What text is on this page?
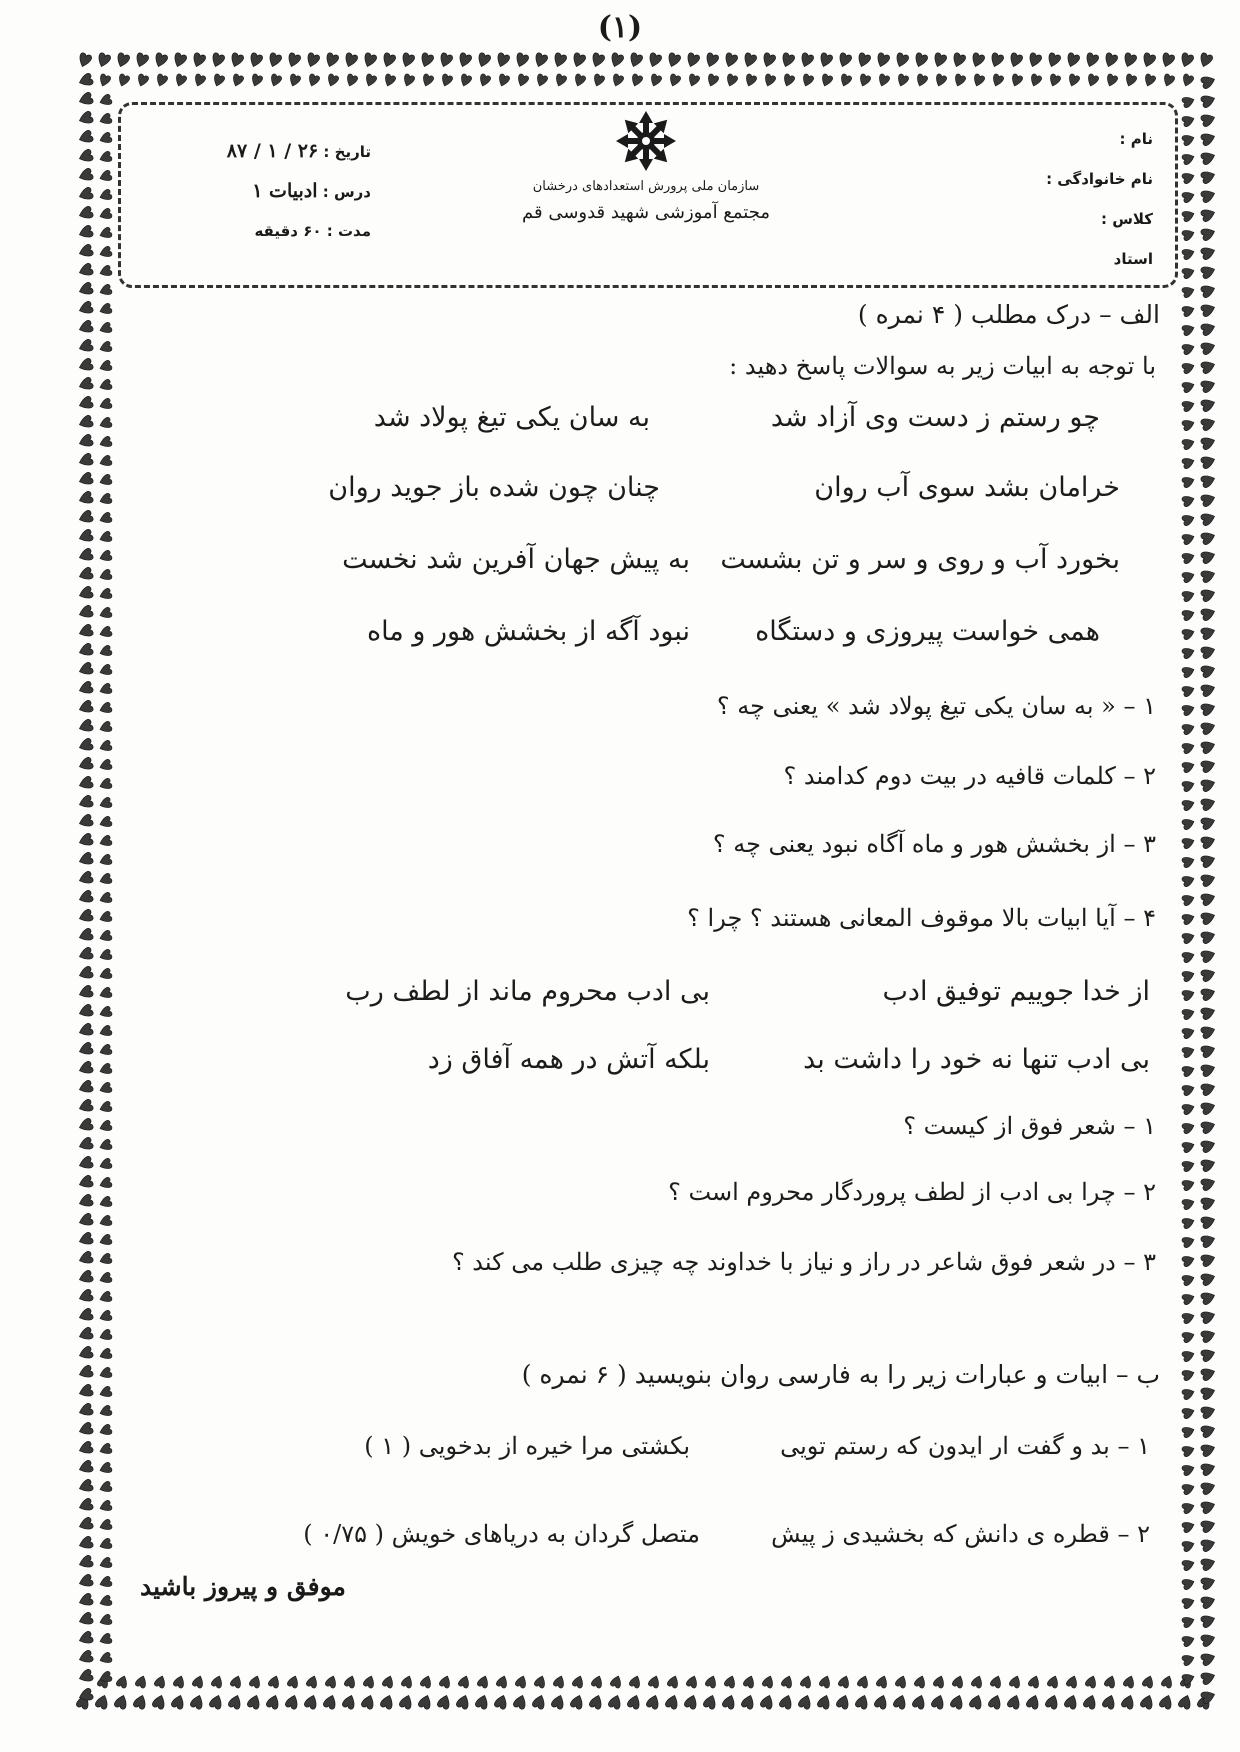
(۱)
نام :
نام خانوادگی :
کلاس :
استاد
سازمان ملی پرورش استعدادهای درخشان
مجتمع آموزشی شهید قدوسی قم
تاریخ : ۲۶ / ۱ / ۸۷
درس : ادبیات ۱
مدت : ۶۰ دقیقه
الف – درک مطلب ( ۴ نمره )
با توجه به ابیات زیر به سوالات پاسخ دهید :
چو رستم ز دست وی آزاد شد
به سان یکی تیغ پولاد شد
خرامان بشد سوی آب روان
چنان چون شده باز جوید روان
بخورد آب و روی و سر و تن بشست
به پیش جهان آفرین شد نخست
همی خواست پیروزی و دستگاه
نبود آگه از بخشش هور و ماه
۱ – « به سان یکی تیغ پولاد شد » یعنی چه ؟
۲ – کلمات قافیه در بیت دوم کدامند ؟
۳ – از بخشش هور و ماه آگاه نبود یعنی چه ؟
۴ – آیا ابیات بالا موقوف المعانی هستند ؟ چرا ؟
از خدا جوییم توفیق ادب
بی ادب محروم ماند از لطف رب
بی ادب تنها نه خود را داشت بد
بلکه آتش در همه آفاق زد
۱ – شعر فوق از کیست ؟
۲ – چرا بی ادب از لطف پروردگار محروم است ؟
۳ – در شعر فوق شاعر در راز و نیاز با خداوند چه چیزی طلب می کند ؟
ب – ابیات و عبارات زیر را به فارسی روان بنویسید ( ۶ نمره )
۱ – بد و گفت ار ایدون که رستم تویی
بکشتی مرا خیره از بدخویی ( ۱ )
۲ – قطره ی دانش که بخشیدی ز پیش
متصل گردان به دریاهای خویش ( ۰/۷۵ )
موفق و پیروز باشید
